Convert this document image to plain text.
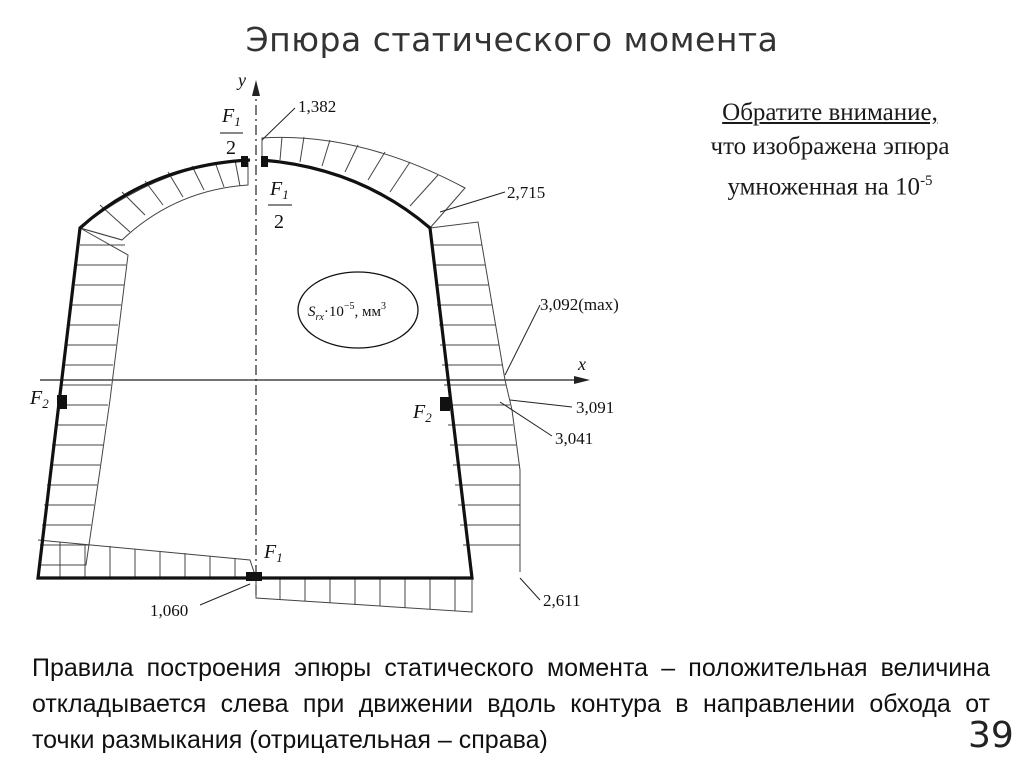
Эпюра статического момента
Обратите внимание,
что изображена эпюра
умноженная на $10^{-5}$
$F_1$
2
$F_1$
2
$F_2$	$F_2$
$F_1$
y
x
$S_{rx}\cdot 10^{-5}$, $мм^3$
1,382
2,715
3,092(max)
3,091
3,041
2,611
1,060
Правила построения эпюры статического момента – положительная величина откладывается слева при движении вдоль контура в направлении обхода от точки размыкания (отрицательная – справа)	39
